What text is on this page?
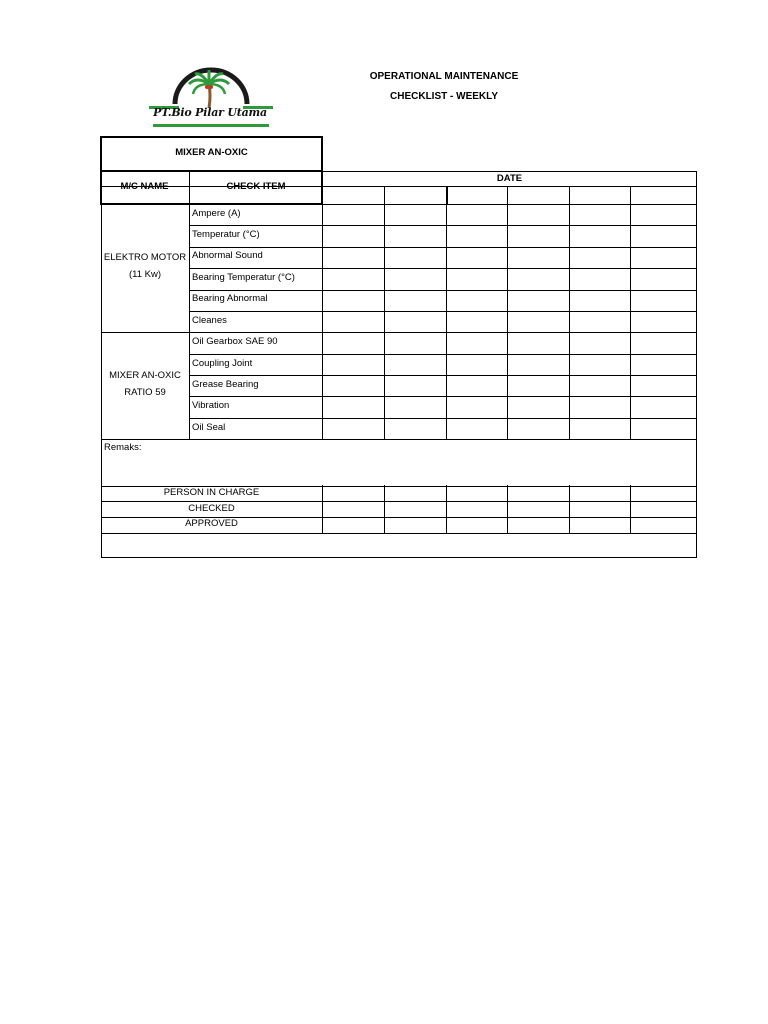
PT.Bio Pilar Utama
OPERATIONAL MAINTENANCE
CHECKLIST - WEEKLY
MIXER AN-OXIC
M/C NAME	CHECK ITEM
DATE
Remaks:
ELEKTRO MOTOR
(11 Kw)
Ampere (A)
Temperatur (°C)
Abnormal Sound
Bearing Temperatur (°C)
Bearing Abnormal
Cleanes
MIXER AN-OXIC
RATIO 59
Oil Gearbox SAE 90
Coupling Joint
Grease Bearing
Vibration
Oil Seal
PERSON IN CHARGE
CHECKED
APPROVED
